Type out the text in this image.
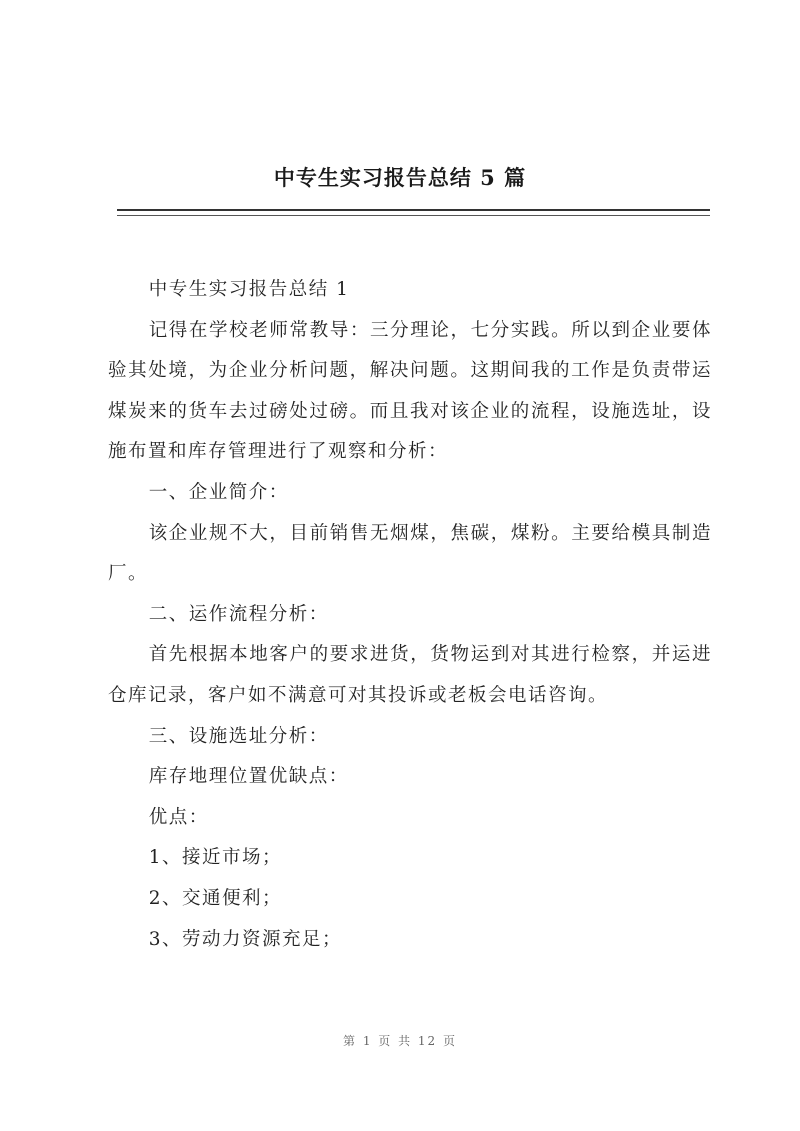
中专生实习报告总结 5 篇

中专生实习报告总结 1

记得在学校老师常教导：三分理论，七分实践。所以到企业要体验其处境，为企业分析问题，解决问题。这期间我的工作是负责带运煤炭来的货车去过磅处过磅。而且我对该企业的流程，设施选址，设施布置和库存管理进行了观察和分析：

一、企业简介：

该企业规不大，目前销售无烟煤，焦碳，煤粉。主要给模具制造厂。

二、运作流程分析：

首先根据本地客户的要求进货，货物运到对其进行检察，并运进仓库记录，客户如不满意可对其投诉或老板会电话咨询。

三、设施选址分析：

库存地理位置优缺点：

优点：

1、接近市场；

2、交通便利；

3、劳动力资源充足；

第 1 页 共 12 页
